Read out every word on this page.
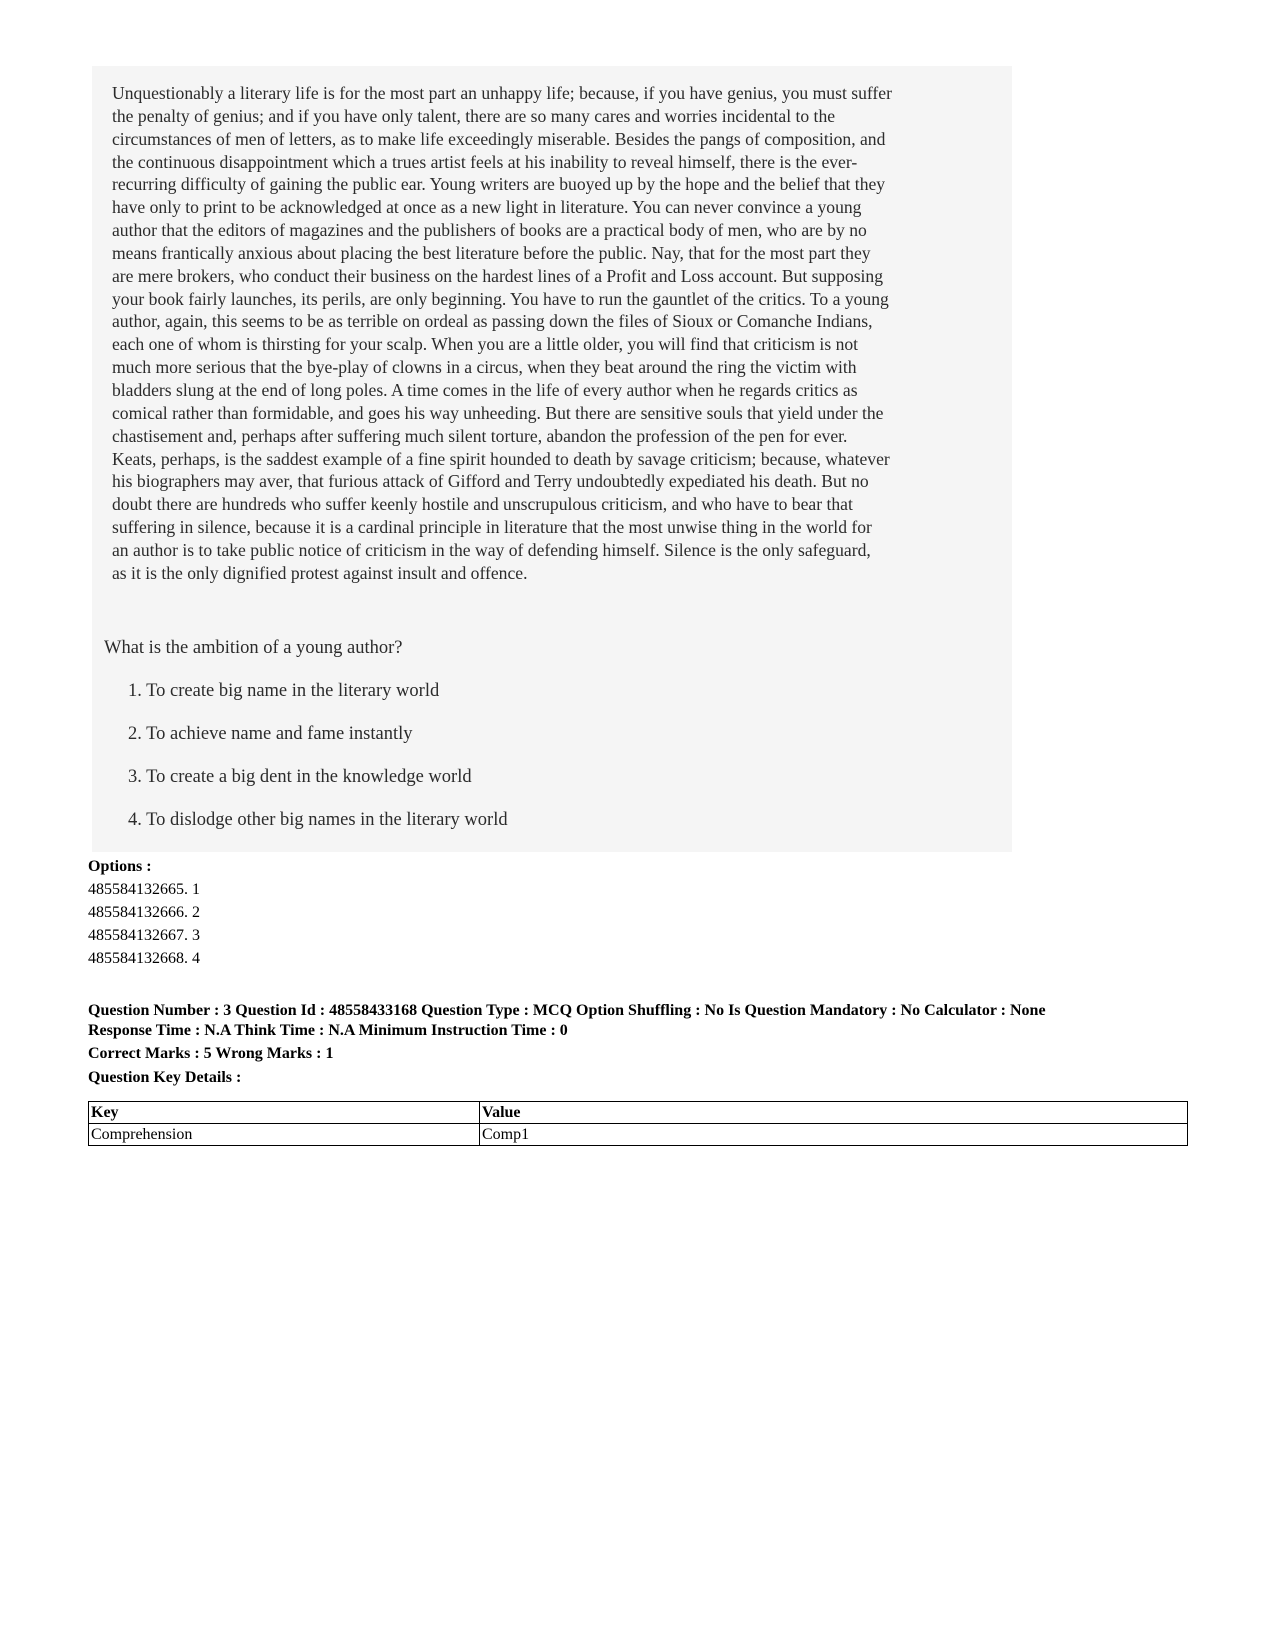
Unquestionably a literary life is for the most part an unhappy life; because, if you have genius, you must suffer
the penalty of genius; and if you have only talent, there are so many cares and worries incidental to the
circumstances of men of letters, as to make life exceedingly miserable. Besides the pangs of composition, and
the continuous disappointment which a trues artist feels at his inability to reveal himself, there is the ever-
recurring difficulty of gaining the public ear. Young writers are buoyed up by the hope and the belief that they
have only to print to be acknowledged at once as a new light in literature. You can never convince a young
author that the editors of magazines and the publishers of books are a practical body of men, who are by no
means frantically anxious about placing the best literature before the public. Nay, that for the most part they
are mere brokers, who conduct their business on the hardest lines of a Profit and Loss account. But supposing
your book fairly launches, its perils, are only beginning. You have to run the gauntlet of the critics. To a young
author, again, this seems to be as terrible on ordeal as passing down the files of Sioux or Comanche Indians,
each one of whom is thirsting for your scalp. When you are a little older, you will find that criticism is not
much more serious that the bye-play of clowns in a circus, when they beat around the ring the victim with
bladders slung at the end of long poles. A time comes in the life of every author when he regards critics as
comical rather than formidable, and goes his way unheeding. But there are sensitive souls that yield under the
chastisement and, perhaps after suffering much silent torture, abandon the profession of the pen for ever.
Keats, perhaps, is the saddest example of a fine spirit hounded to death by savage criticism; because, whatever
his biographers may aver, that furious attack of Gifford and Terry undoubtedly expediated his death. But no
doubt there are hundreds who suffer keenly hostile and unscrupulous criticism, and who have to bear that
suffering in silence, because it is a cardinal principle in literature that the most unwise thing in the world for
an author is to take public notice of criticism in the way of defending himself. Silence is the only safeguard,
as it is the only dignified protest against insult and offence.
What is the ambition of a young author?
1. To create big name in the literary world
2. To achieve name and fame instantly
3. To create a big dent in the knowledge world
4. To dislodge other big names in the literary world
Options :
485584132665. 1
485584132666. 2
485584132667. 3
485584132668. 4
Question Number : 3 Question Id : 48558433168 Question Type : MCQ Option Shuffling : No Is Question Mandatory : No Calculator : None
Response Time : N.A Think Time : N.A Minimum Instruction Time : 0
Correct Marks : 5 Wrong Marks : 1
Question Key Details :
Key	Value
Comprehension	Comp1
